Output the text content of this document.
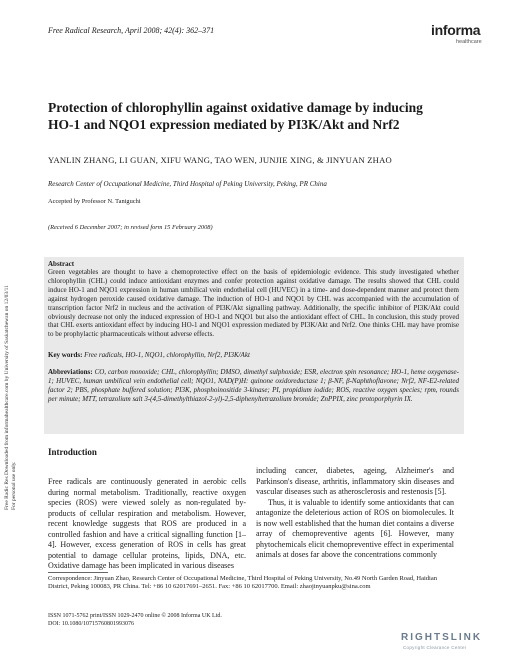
Free Radical Research, April 2008; 42(4): 362–371	informa
healthcare
Free Radic Res Downloaded from informahealthcare.com by University of Saskatchewan on 12/03/11 For personal use only.
Protection of chlorophyllin against oxidative damage by inducing HO-1 and NQO1 expression mediated by PI3K/Akt and Nrf2
YANLIN ZHANG, LI GUAN, XIFU WANG, TAO WEN, JUNJIE XING, & JINYUAN ZHAO
Research Center of Occupational Medicine, Third Hospital of Peking University, Peking, PR China
Accepted by Professor N. Taniguchi
(Received 6 December 2007; in revised form 15 February 2008)
Abstract
Green vegetables are thought to have a chemoprotective effect on the basis of epidemiologic evidence. This study investigated whether chlorophyllin (CHL) could induce antioxidant enzymes and confer protection against oxidative damage. The results showed that CHL could induce HO-1 and NQO1 expression in human umbilical vein endothelial cell (HUVEC) in a time- and dose-dependent manner and protect them against hydrogen peroxide caused oxidative damage. The induction of HO-1 and NQO1 by CHL was accompanied with the accumulation of transcription factor Nrf2 in nucleus and the activation of PI3K/Akt signalling pathway. Additionally, the specific inhibitor of PI3K/Akt could obviously decrease not only the induced expression of HO-1 and NQO1 but also the antioxidant effect of CHL. In conclusion, this study proved that CHL exerts antioxidant effect by inducing HO-1 and NQO1 expression mediated by PI3K/Akt and Nrf2. One thinks CHL may have promise to be prophylactic pharmaceuticals without adverse effects.
Key words: Free radicals, HO-1, NQO1, chlorophyllin, Nrf2, PI3K/Akt
Abbreviations: CO, carbon monoxide; CHL, chlorophyllin; DMSO, dimethyl sulphoxide; ESR, electron spin resonance; HO-1, heme oxygenase-1; HUVEC, human umbilical vein endothelial cell; NQO1, NAD(P)H: quinone oxidoreductase 1; β-NF, β-Naphthoflavone; Nrf2, NF-E2-related factor 2; PBS, phosphate buffered solution; PI3K, phosphoinositide 3-kinase; PI, propidium iodide; ROS, reactive oxygen species; rpm, rounds per minute; MTT, tetrazolium salt 3-(4,5-dimethylthiazol-2-yl)-2,5-diphenyltetrazolium bromide; ZnPPIX, zinc protoporphyrin IX.
Introduction

Free radicals are continuously generated in aerobic cells during normal metabolism. Traditionally, reactive oxygen species (ROS) were viewed solely as non-regulated by-products of cellular respiration and metabolism. However, recent knowledge suggests that ROS are produced in a controlled fashion and have a critical signalling function [1–4]. However, excess generation of ROS in cells has great potential to damage cellular proteins, lipids, DNA, etc. Oxidative damage has been implicated in various diseases

including cancer, diabetes, ageing, Alzheimer's and Parkinson's disease, arthritis, inflammatory skin diseases and vascular diseases such as atherosclerosis and restenosis [5].

Thus, it is valuable to identify some antioxidants that can antagonize the deleterious action of ROS on biomolecules. It is now well established that the human diet contains a diverse array of chemopreventive agents [6]. However, many phytochemicals elicit chemopreventive effect in experimental animals at doses far above the concentrations commonly

Correspondence: Jinyuan Zhao, Research Center of Occupational Medicine, Third Hospital of Peking University, No.49 North Garden Road, Haidian District, Peking 100083, PR China. Tel: +86 10 62017691–2651. Fax: +86 10 62017700. Email: zhaojinyuanpku@sina.com
ISSN 1071-5762 print/ISSN 1029-2470 online © 2008 Informa UK Ltd.
DOI: 10.1080/10715760801993076
RIGHTSLINK
Copyright Clearance Center
